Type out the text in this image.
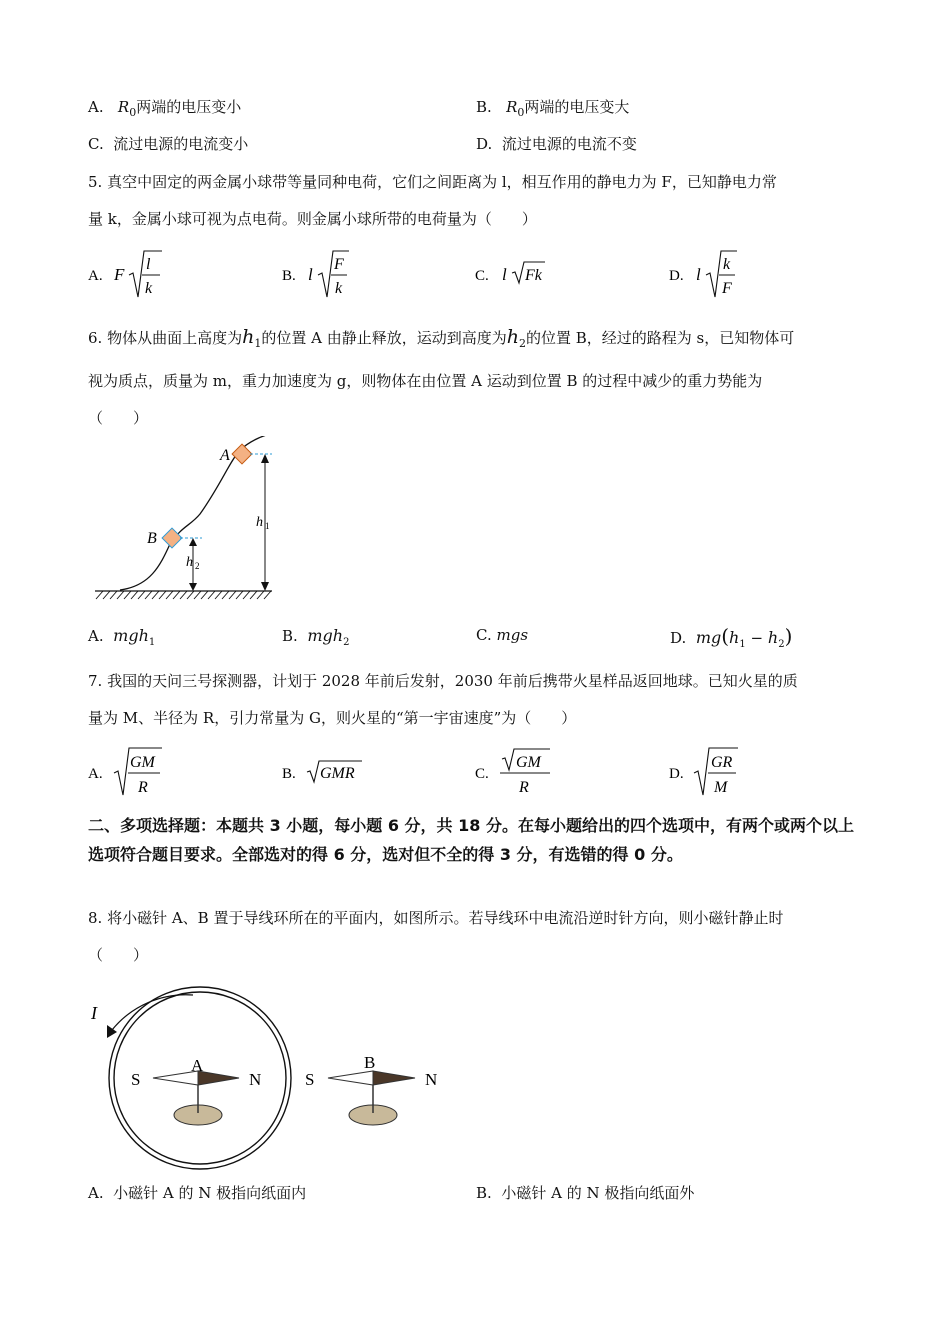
A. $R_0$两端的电压变小	B. $R_0$两端的电压变大
C. 流过电源的电流变小	D. 流过电源的电流不变
5. 真空中固定的两金属小球带等量同种电荷，它们之间距离为 l，相互作用的静电力为 F，已知静电力常
量 k，金属小球可视为点电荷。则金属小球所带的电荷量为（　　）
A. F
l
k
B. l
F
k
C. l Fk	D. l
k
F
6. 物体从曲面上高度为$h_1$的位置 A 由静止释放，运动到高度为$h_2$的位置 B，经过的路程为 s，已知物体可
视为质点，质量为 m，重力加速度为 g，则物体在由位置 A 运动到位置 B 的过程中减少的重力势能为
（　　）
A
B
h 1
h 2
A. mgh$_1$	B. mgh$_2$	C. mgs	D. $mg(h_1 - h_2)$
7. 我国的天问三号探测器，计划于 2028 年前后发射，2030 年前后携带火星样品返回地球。已知火星的质
量为 M、半径为 R，引力常量为 G，则火星的“第一宇宙速度”为（　　）
A.
GM
R
B. GMR	C.
GM
R
D.
GR
M
二、多项选择题：本题共 3 小题，每小题 6 分，共 18 分。在每小题给出的四个选项中，有两个或两个以上选项符合题目要求。全部选对的得 6 分，选对但不全的得 3 分，有选错的得 0 分。
8. 将小磁针 A、B 置于导线环所在的平面内，如图所示。若导线环中电流沿逆时针方向，则小磁针静止时
（　　）
I
A
S	N
B
S	N
A. 小磁针 A 的 N 极指向纸面内	B. 小磁针 A 的 N 极指向纸面外
